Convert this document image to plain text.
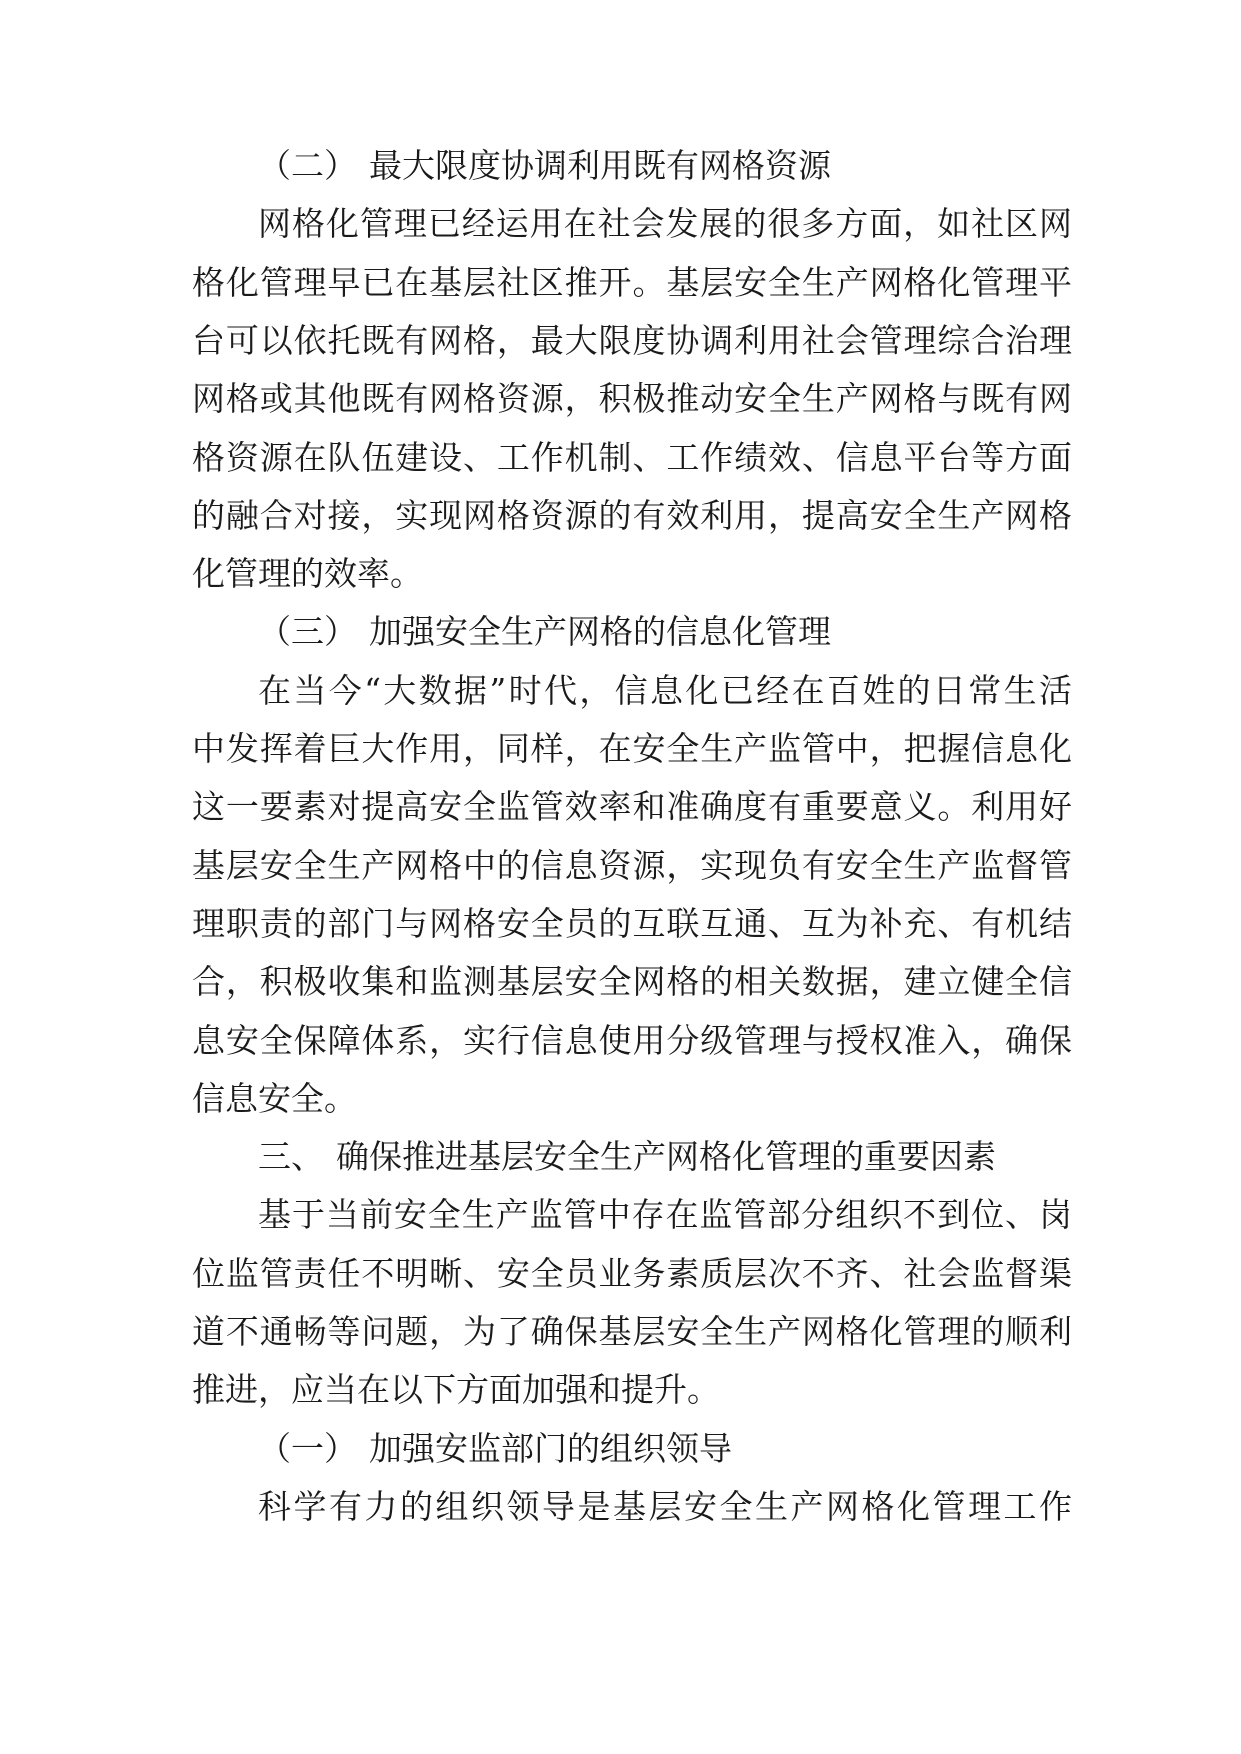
（二） 最大限度协调利用既有网格资源
网格化管理已经运用在社会发展的很多方面，如社区网
格化管理早已在基层社区推开。基层安全生产网格化管理平
台可以依托既有网格，最大限度协调利用社会管理综合治理
网格或其他既有网格资源，积极推动安全生产网格与既有网
格资源在队伍建设、工作机制、工作绩效、信息平台等方面
的融合对接，实现网格资源的有效利用，提高安全生产网格
化管理的效率。
（三） 加强安全生产网格的信息化管理
在当今“大数据”时代，信息化已经在百姓的日常生活
中发挥着巨大作用，同样，在安全生产监管中，把握信息化
这一要素对提高安全监管效率和准确度有重要意义。利用好
基层安全生产网格中的信息资源，实现负有安全生产监督管
理职责的部门与网格安全员的互联互通、互为补充、有机结
合，积极收集和监测基层安全网格的相关数据，建立健全信
息安全保障体系，实行信息使用分级管理与授权准入，确保
信息安全。
三、 确保推进基层安全生产网格化管理的重要因素
基于当前安全生产监管中存在监管部分组织不到位、岗
位监管责任不明晰、安全员业务素质层次不齐、社会监督渠
道不通畅等问题，为了确保基层安全生产网格化管理的顺利
推进，应当在以下方面加强和提升。
（一） 加强安监部门的组织领导
科学有力的组织领导是基层安全生产网格化管理工作
